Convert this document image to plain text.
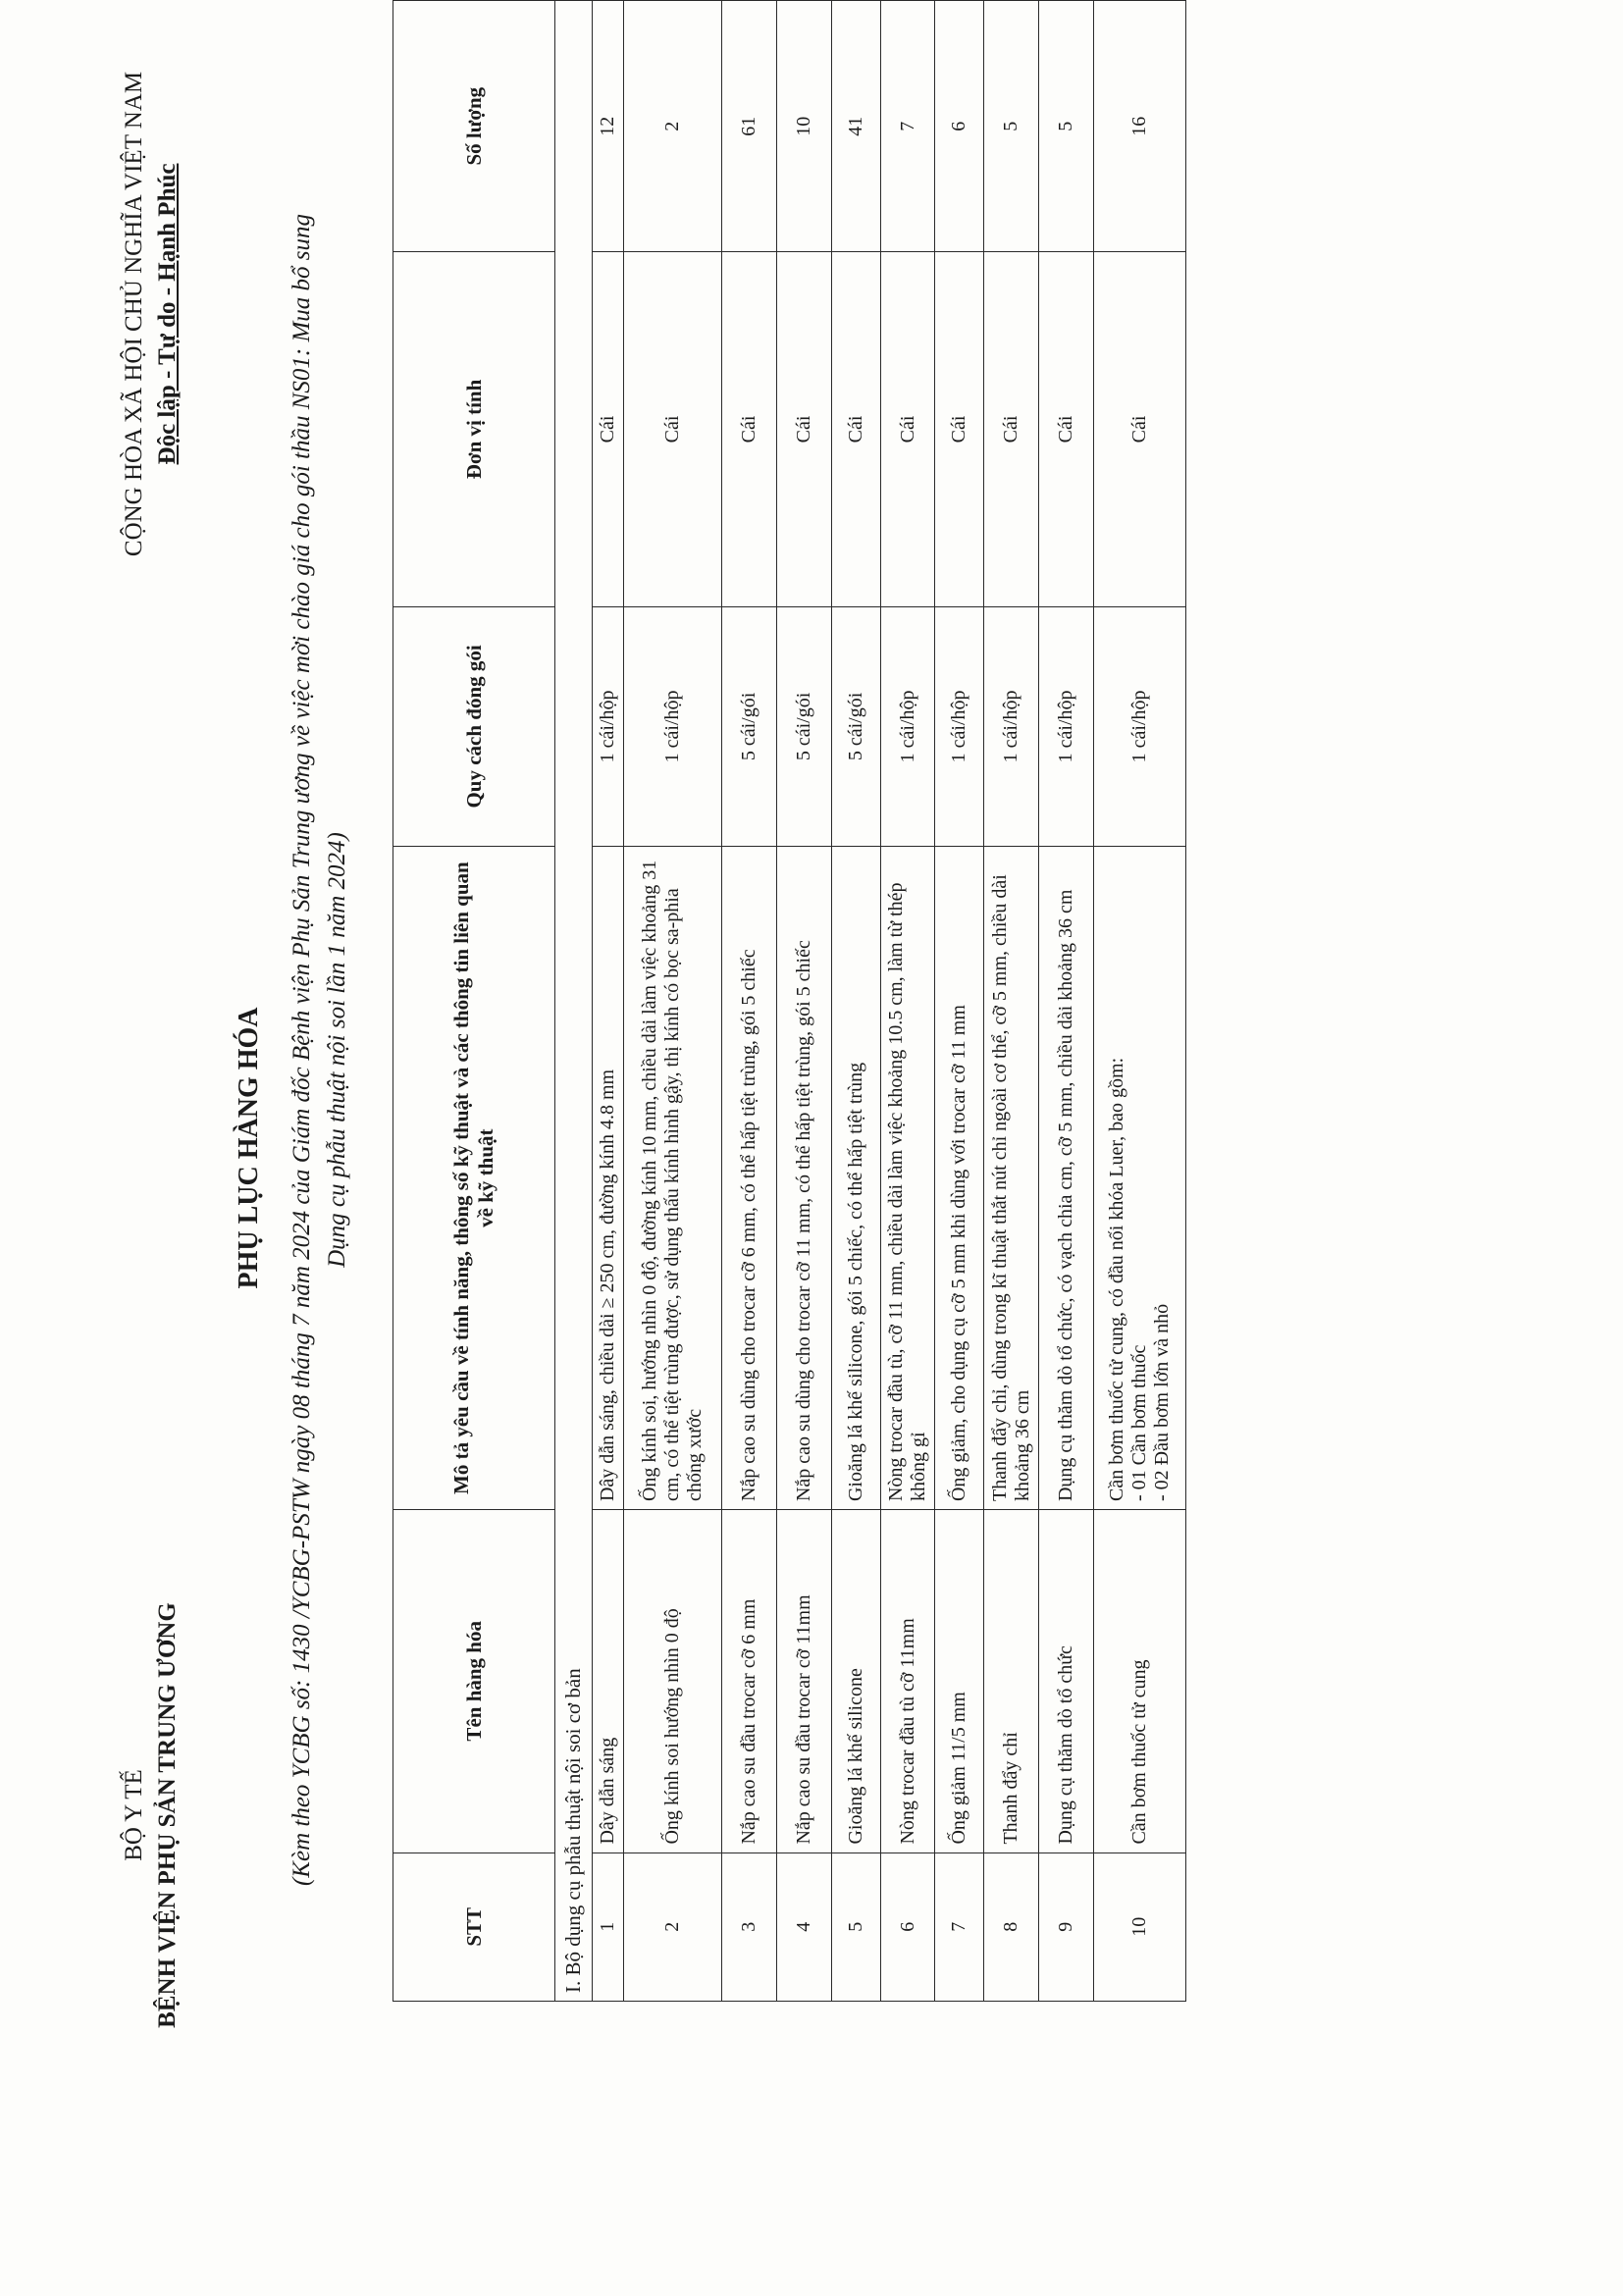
BỘ Y TẾ BỆNH VIỆN PHỤ SẢN TRUNG ƯƠNG
CỘNG HÒA XÃ HỘI CHỦ NGHĨA VIỆT NAM Độc lập - Tự do - Hạnh Phúc
PHỤ LỤC HÀNG HÓA (Kèm theo YCBG số: 1430 /YCBG-PSTW ngày 08 tháng 7 năm 2024 của Giám đốc Bệnh viện Phụ Sản Trung ương về việc mời chào giá cho gói thầu NS01: Mua bổ sung Dụng cụ phẫu thuật nội soi lần 1 năm 2024)
STT	Tên hàng hóa	Mô tả yêu cầu về tính năng, thông số kỹ thuật và các thông tin liên quan về kỹ thuật	Quy cách đóng gói	Đơn vị tính	Số lượng
I. Bộ dụng cụ phẫu thuật nội soi cơ bản					
1	Dây dẫn sáng	Dây dẫn sáng, chiều dài ≥ 250 cm, đường kính 4.8 mm	1 cái/hộp	Cái	12
2	Ống kính soi hướng nhìn 0 độ	Ống kính soi, hướng nhìn 0 độ, đường kính 10 mm, chiều dài làm việc khoảng 31 cm, có thể tiệt trùng được, sử dụng thấu kính hình gậy, thị kính có bọc sa-phia chống xước	1 cái/hộp	Cái	2
3	Nắp cao su đầu trocar cỡ 6 mm	Nắp cao su dùng cho trocar cỡ 6 mm, có thể hấp tiệt trùng, gói 5 chiếc	5 cái/gói	Cái	61
4	Nắp cao su đầu trocar cỡ 11mm	Nắp cao su dùng cho trocar cỡ 11 mm, có thể hấp tiệt trùng, gói 5 chiếc	5 cái/gói	Cái	10
5	Gioăng lá khế silicone	Gioăng lá khế silicone, gói 5 chiếc, có thể hấp tiệt trùng	5 cái/gói	Cái	41
6	Nòng trocar đầu tù cỡ 11mm	Nòng trocar đầu tù, cỡ 11 mm, chiều dài làm việc khoảng 10.5 cm, làm từ thép không gỉ	1 cái/hộp	Cái	7
7	Ống giảm 11/5 mm	Ống giảm, cho dụng cụ cỡ 5 mm khi dùng với trocar cỡ 11 mm	1 cái/hộp	Cái	6
8	Thanh đẩy chỉ	Thanh đẩy chỉ, dùng trong kĩ thuật thắt nút chỉ ngoài cơ thể, cỡ 5 mm, chiều dài khoảng 36 cm	1 cái/hộp	Cái	5
9	Dụng cụ thăm dò tổ chức	Dụng cụ thăm dò tổ chức, có vạch chia cm, cỡ 5 mm, chiều dài khoảng 36 cm	1 cái/hộp	Cái	5
10	Cần bơm thuốc tử cung	Cần bơm thuốc tử cung, có đầu nối khóa Luer, bao gồm: - 01 Cần bơm thuốc - 02 Đầu bơm lớn và nhỏ	1 cái/hộp	Cái	16
